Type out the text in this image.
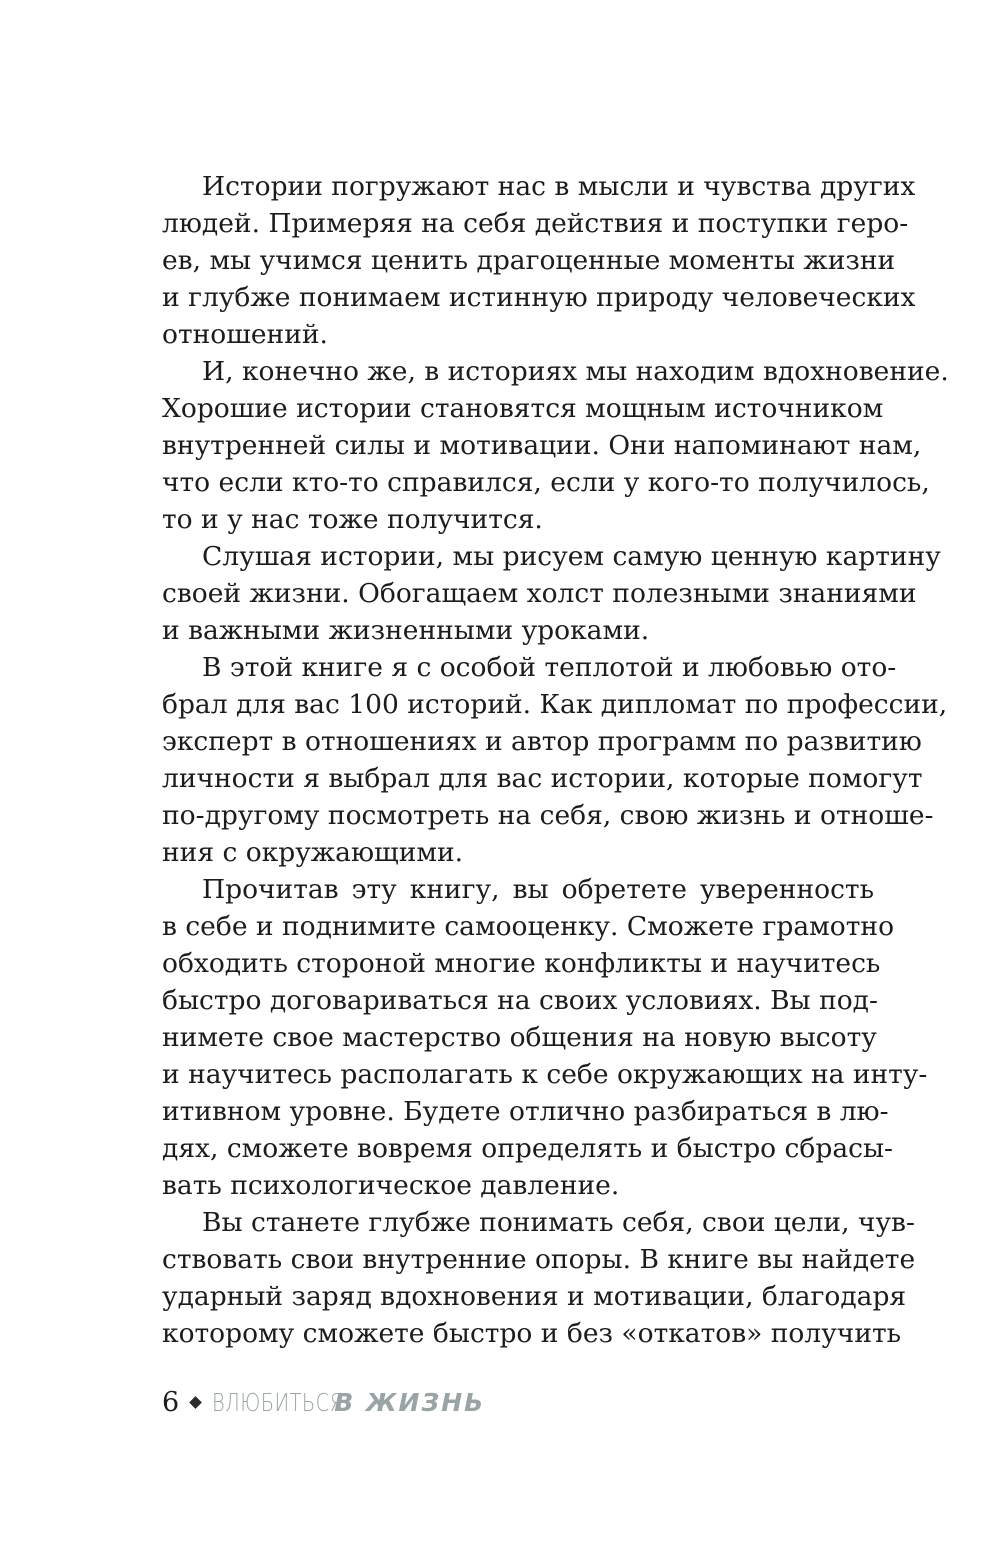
Истории погружают нас в мысли и чувства других
людей. Примеряя на себя действия и поступки геро-
ев, мы учимся ценить драгоценные моменты жизни
и глубже понимаем истинную природу человеческих
отношений.
И, конечно же, в историях мы находим вдохновение.
Хорошие истории становятся мощным источником
внутренней силы и мотивации. Они напоминают нам,
что если кто-то справился, если у кого-то получилось,
то и у нас тоже получится.
Слушая истории, мы рисуем самую ценную картину
своей жизни. Обогащаем холст полезными знаниями
и важными жизненными уроками.
В этой книге я с особой теплотой и любовью ото-
брал для вас 100 историй. Как дипломат по профессии,
эксперт в отношениях и автор программ по развитию
личности я выбрал для вас истории, которые помогут
по-другому посмотреть на себя, свою жизнь и отноше-
ния с окружающими.
Прочитав эту книгу, вы обретете уверенность
в себе и поднимите самооценку. Сможете грамотно
обходить стороной многие конфликты и научитесь
быстро договариваться на своих условиях. Вы под-
нимете свое мастерство общения на новую высоту
и научитесь располагать к себе окружающих на инту-
итивном уровне. Будете отлично разбираться в лю-
дях, сможете вовремя определять и быстро сбрасы-
вать психологическое давление.
Вы станете глубже понимать себя, свои цели, чув-
ствовать свои внутренние опоры. В книге вы найдете
ударный заряд вдохновения и мотивации, благодаря
которому сможете быстро и без «откатов» получить
6 ВЛЮБИТЬСЯ
В ЖИЗНЬ
